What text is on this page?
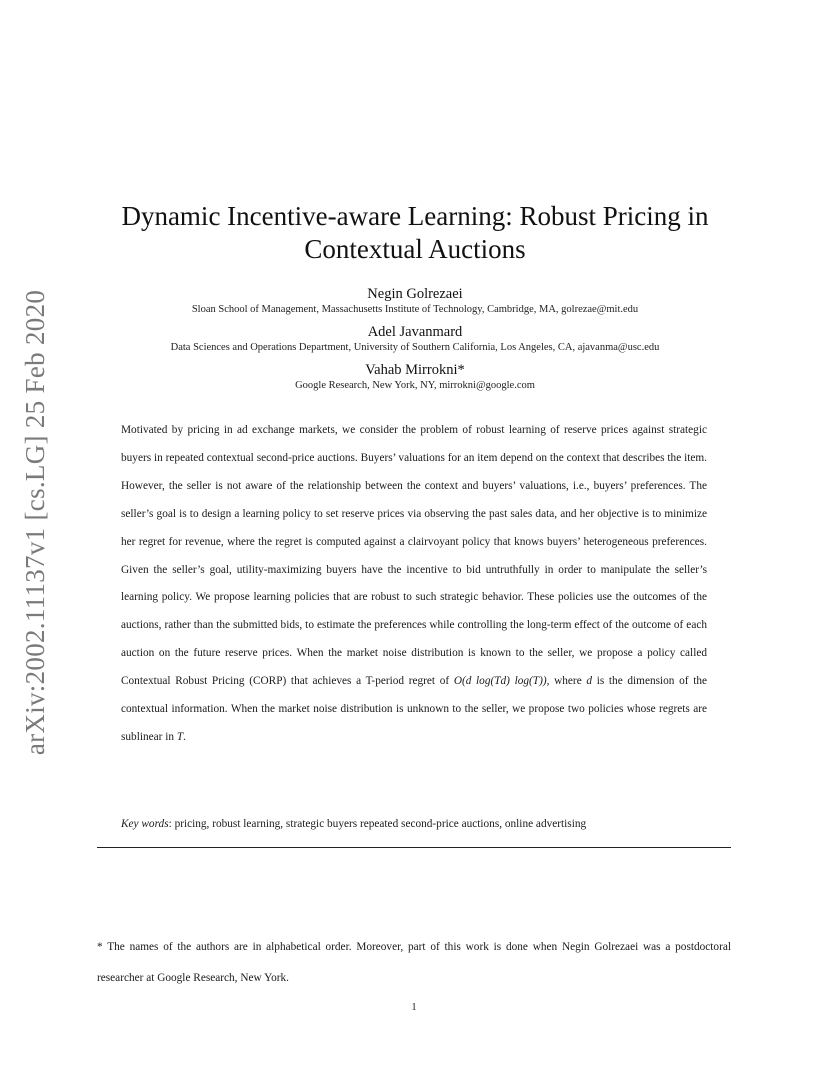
arXiv:2002.11137v1 [cs.LG] 25 Feb 2020
Dynamic Incentive-aware Learning: Robust Pricing in Contextual Auctions
Negin Golrezaei
Sloan School of Management, Massachusetts Institute of Technology, Cambridge, MA, golrezae@mit.edu
Adel Javanmard
Data Sciences and Operations Department, University of Southern California, Los Angeles, CA, ajavanma@usc.edu
Vahab Mirrokni*
Google Research, New York, NY, mirrokni@google.com
Motivated by pricing in ad exchange markets, we consider the problem of robust learning of reserve prices against strategic buyers in repeated contextual second-price auctions. Buyers’ valuations for an item depend on the context that describes the item. However, the seller is not aware of the relationship between the context and buyers’ valuations, i.e., buyers’ preferences. The seller’s goal is to design a learning policy to set reserve prices via observing the past sales data, and her objective is to minimize her regret for revenue, where the regret is computed against a clairvoyant policy that knows buyers’ heterogeneous preferences. Given the seller’s goal, utility-maximizing buyers have the incentive to bid untruthfully in order to manipulate the seller’s learning policy. We propose learning policies that are robust to such strategic behavior. These policies use the outcomes of the auctions, rather than the submitted bids, to estimate the preferences while controlling the long-term effect of the outcome of each auction on the future reserve prices. When the market noise distribution is known to the seller, we propose a policy called Contextual Robust Pricing (CORP) that achieves a T-period regret of O(d log(Td) log(T)), where d is the dimension of the contextual information. When the market noise distribution is unknown to the seller, we propose two policies whose regrets are sublinear in T.
Key words: pricing, robust learning, strategic buyers repeated second-price auctions, online advertising
* The names of the authors are in alphabetical order. Moreover, part of this work is done when Negin Golrezaei was a postdoctoral researcher at Google Research, New York.
1
